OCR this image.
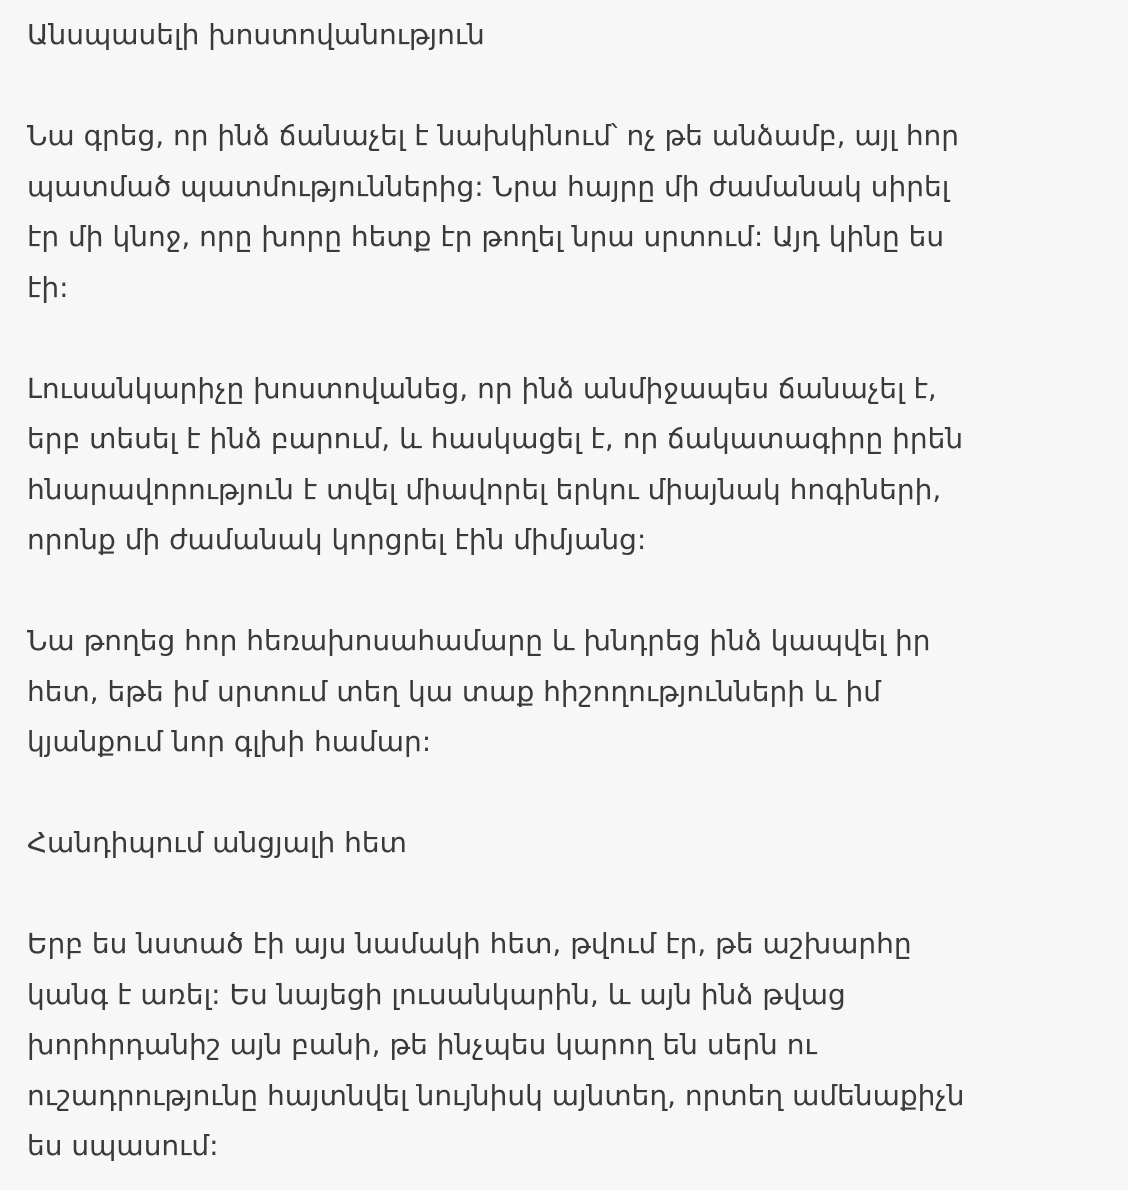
Անսպասելի խոստովանություն
Նա գրեց, որ ինձ ճանաչել է նախկինում՝ ոչ թե անձամբ, այլ հոր
պատմած պատմություններից: Նրա հայրը մի ժամանակ սիրել
էր մի կնոջ, որը խորը հետք էր թողել նրա սրտում: Այդ կինը ես
էի:
Լուսանկարիչը խոստովանեց, որ ինձ անմիջապես ճանաչել է,
երբ տեսել է ինձ բարում, և հասկացել է, որ ճակատագիրը իրեն
հնարավորություն է տվել միավորել երկու միայնակ հոգիների,
որոնք մի ժամանակ կորցրել էին միմյանց:
Նա թողեց հոր հեռախոսահամարը և խնդրեց ինձ կապվել իր
հետ, եթե իմ սրտում տեղ կա տաք հիշողությունների և իմ
կյանքում նոր գլխի համար:
Հանդիպում անցյալի հետ
Երբ ես նստած էի այս նամակի հետ, թվում էր, թե աշխարհը
կանգ է առել: Ես նայեցի լուսանկարին, և այն ինձ թվաց
խորհրդանիշ այն բանի, թե ինչպես կարող են սերն ու
ուշադրությունը հայտնվել նույնիսկ այնտեղ, որտեղ ամենաքիչն
ես սպասում:
